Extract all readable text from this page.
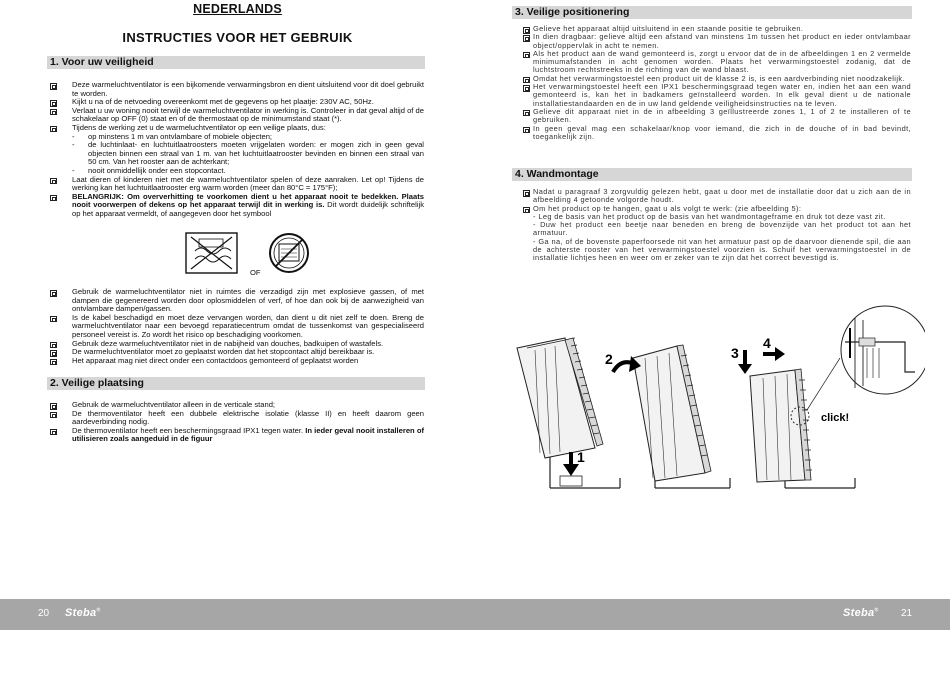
NEDERLANDS
INSTRUCTIES VOOR HET GEBRUIK
1. Voor uw veiligheid

Deze warmeluchtventilator is een bijkomende verwarmingsbron en dient uitsluitend voor dit doel gebruikt te worden.

Kijkt u na of de netvoeding overeenkomt met de gegevens op het plaatje: 230V AC, 50Hz.

Verlaat u uw woning nooit terwijl de warmeluchtventilator in werking is. Controleer in dat geval altijd of de schakelaar op OFF (0) staat en of de thermostaat op de minimumstand staat (*).

Tijdens de werking zet u de warmeluchtventilator op een veilige plaats, dus:

- op minstens 1 m van ontvlambare of mobiele objecten;

- de luchtinlaat- en luchtuitlaatroosters moeten vrijgelaten worden: er mogen zich in geen geval objecten binnen een straal van 1 m. van het luchtuitlaatrooster bevinden en binnen een straal van 50 cm. Van het rooster aan de achterkant;

- nooit onmiddellijk onder een stopcontact.

Laat dieren of kinderen niet met de warmeluchtventilator spelen of deze aanraken. Let op! Tijdens de werking kan het luchtuitlaatrooster erg warm worden (meer dan 80°C = 175°F);

BELANGRIJK: Om oververhitting te voorkomen dient u het apparaat nooit te bedekken. Plaats nooit voorwerpen of dekens op het apparaat terwijl dit in werking is. Dit wordt duidelijk schriftelijk op het apparaat vermeldt, of aangegeven door het symbool

OF

Gebruik de warmeluchtventilator niet in ruimtes die verzadigd zijn met explosieve gassen, of met dampen die gegenereerd worden door oplosmiddelen of verf, of hoe dan ook bij de aanwezigheid van ontvlambare dampen/gassen.

Is de kabel beschadigd en moet deze vervangen worden, dan dient u dit niet zelf te doen. Breng de warmeluchtventilator naar een bevoegd reparatiecentrum omdat de tussenkomst van gespecialiseerd personeel vereist is. Zo wordt het risico op beschadiging voorkomen.

Gebruik deze warmeluchtventilator niet in de nabijheid van douches, badkuipen of wastafels.

De warmeluchtventilator moet zo geplaatst worden dat het stopcontact altijd bereikbaar is.

Het apparaat mag niet direct onder een contactdoos gemonteerd of geplaatst worden

2. Veilige plaatsing

Gebruik de warmeluchtventilator alleen in de verticale stand;

De thermoventilator heeft een dubbele elektrische isolatie (klasse II) en heeft daarom geen aardeverbinding nodig.

De thermoventilator heeft een beschermingsgraad IPX1 tegen water. In ieder geval nooit installeren of utilisieren zoals aangeduid in de figuur

3. Veilige positionering

Gelieve het apparaat altijd uitsluitend in een staande positie te gebruiken.

In dien dragbaar: gelieve altijd een afstand van minstens 1m tussen het product en ieder ontvlambaar object/oppervlak in acht te nemen.

Als het product aan de wand gemonteerd is, zorgt u ervoor dat de in de afbeeldingen 1 en 2 vermelde minimumafstanden in acht genomen worden. Plaats het verwarmingstoestel zodanig, dat de luchtstroom rechtstreeks in de richting van de wand blaast.

Omdat het verwarmingstoestel een product uit de klasse 2 is, is een aardverbinding niet noodzakelijk.

Het verwarmingstoestel heeft een IPX1 beschermingsgraad tegen water en, indien het aan een wand gemonteerd is, kan het in badkamers geïnstalleerd worden. In elk geval dient u de nationale installatiestandaarden en de in uw land geldende veiligheidsinstructies na te leven.

Gelieve dit apparaat niet in de in afbeelding 3 geïllustreerde zones 1, 1 of 2 te installeren of te gebruiken.

In geen geval mag een schakelaar/knop voor iemand, die zich in de douche of in bad bevindt, toegankelijk zijn.

4. Wandmontage

Nadat u paragraaf 3 zorgvuldig gelezen hebt, gaat u door met de installatie door dat u zich aan de in afbeelding 4 getoonde volgorde houdt.

Om het product op te hangen, gaat u als volgt te werk: (zie afbeelding 5):

- Leg de basis van het product op de basis van het wandmontageframe en druk tot deze vast zit.

- Duw het product een beetje naar beneden en breng de bovenzijde van het product tot aan het armatuur.

- Ga na, of de bovenste paperfoorsede nit van het armatuur past op de daarvoor dienende spil, die aan de achterste rooster van het verwarmingstoestel voorzien is. Schuif het verwarmingstoestel in de installatie lichtjes heen en weer om er zeker van te zijn dat het correct bevestigd is.

1
2	3
4
click!
20 Steba®	Steba® 21
